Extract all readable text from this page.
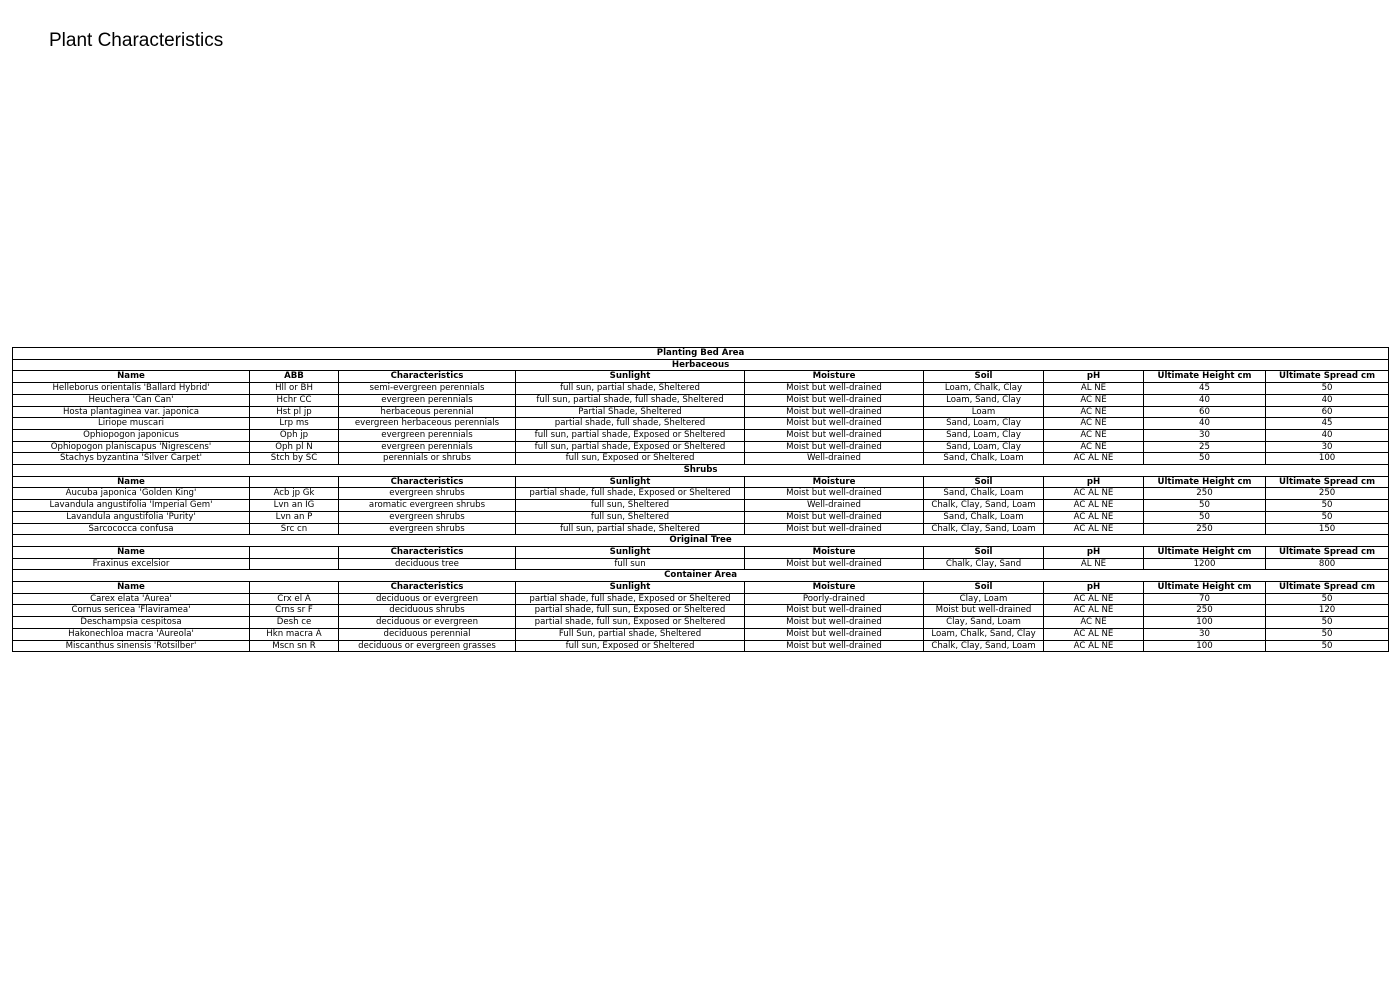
Plant Characteristics
Planting Bed Area								
Herbaceous								
Name	ABB	Characteristics	Sunlight	Moisture	Soil	pH	Ultimate Height cm	Ultimate Spread cm
Helleborus orientalis 'Ballard Hybrid'	Hll or BH	semi-evergreen perennials	full sun, partial shade, Sheltered	Moist but well-drained	Loam, Chalk, Clay	AL NE	45	50
Heuchera 'Can Can'	Hchr CC	evergreen perennials	full sun, partial shade, full shade, Sheltered	Moist but well-drained	Loam, Sand, Clay	AC NE	40	40
Hosta plantaginea var. japonica	Hst pl jp	herbaceous perennial	Partial Shade, Sheltered	Moist but well-drained	Loam	AC NE	60	60
Liriope muscari	Lrp ms	evergreen herbaceous perennials	partial shade, full shade, Sheltered	Moist but well-drained	Sand, Loam, Clay	AC NE	40	45
Ophiopogon japonicus	Oph jp	evergreen perennials	full sun, partial shade, Exposed or Sheltered	Moist but well-drained	Sand, Loam, Clay	AC NE	30	40
Ophiopogon planiscapus 'Nigrescens'	Oph pl N	evergreen perennials	full sun, partial shade, Exposed or Sheltered	Moist but well-drained	Sand, Loam, Clay	AC NE	25	30
Stachys byzantina 'Silver Carpet'	Stch by SC	perennials or shrubs	full sun, Exposed or Sheltered	Well-drained	Sand, Chalk, Loam	AC AL NE	50	100
Shrubs								
Name		Characteristics	Sunlight	Moisture	Soil	pH	Ultimate Height cm	Ultimate Spread cm
Aucuba japonica 'Golden King'	Acb jp Gk	evergreen shrubs	partial shade, full shade, Exposed or Sheltered	Moist but well-drained	Sand, Chalk, Loam	AC AL NE	250	250
Lavandula angustifolia 'Imperial Gem'	Lvn an IG	aromatic evergreen shrubs	full sun, Sheltered	Well-drained	Chalk, Clay, Sand, Loam	AC AL NE	50	50
Lavandula angustifolia 'Purity'	Lvn an P	evergreen shrubs	full sun, Sheltered	Moist but well-drained	Sand, Chalk, Loam	AC AL NE	50	50
Sarcococca confusa	Src cn	evergreen shrubs	full sun, partial shade, Sheltered	Moist but well-drained	Chalk, Clay, Sand, Loam	AC AL NE	250	150
Original Tree								
Name		Characteristics	Sunlight	Moisture	Soil	pH	Ultimate Height cm	Ultimate Spread cm
Fraxinus excelsior		deciduous tree	full sun	Moist but well-drained	Chalk, Clay, Sand	AL NE	1200	800
Container Area								
Name		Characteristics	Sunlight	Moisture	Soil	pH	Ultimate Height cm	Ultimate Spread cm
Carex elata 'Aurea'	Crx el A	deciduous or evergreen	partial shade, full shade, Exposed or Sheltered	Poorly-drained	Clay, Loam	AC AL NE	70	50
Cornus sericea 'Flaviramea'	Crns sr F	deciduous shrubs	partial shade, full sun, Exposed or Sheltered	Moist but well-drained	Moist but well-drained	AC AL NE	250	120
Deschampsia cespitosa	Desh ce	deciduous or evergreen	partial shade, full sun, Exposed or Sheltered	Moist but well-drained	Clay, Sand, Loam	AC NE	100	50
Hakonechloa macra 'Aureola'	Hkn macra A	deciduous perennial	Full Sun, partial shade, Sheltered	Moist but well-drained	Loam, Chalk, Sand, Clay	AC AL NE	30	50
Miscanthus sinensis 'Rotsilber'	Mscn sn R	deciduous or evergreen grasses	full sun, Exposed or Sheltered	Moist but well-drained	Chalk, Clay, Sand, Loam	AC AL NE	100	50
